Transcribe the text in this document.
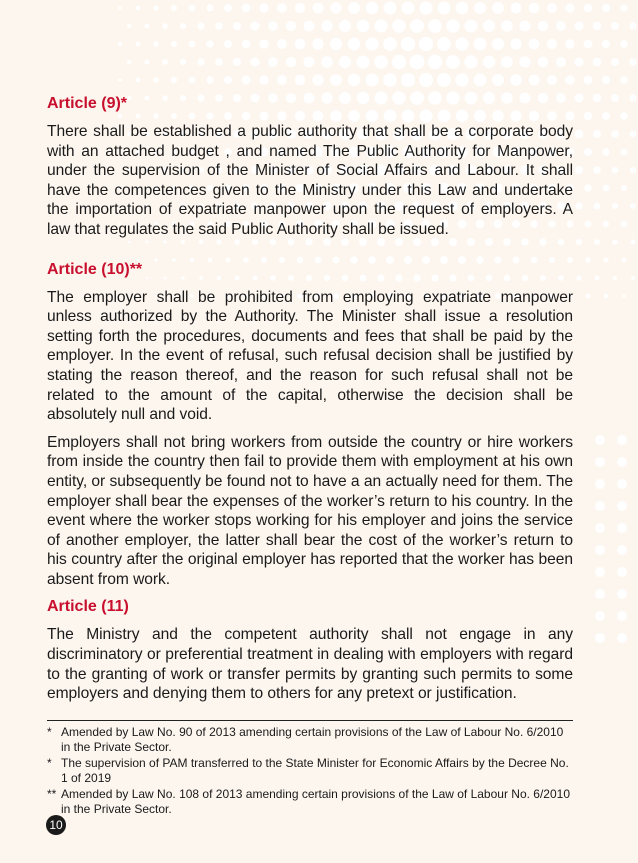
Article (9)*

There shall be established a public authority that shall be a corporate body with an attached budget , and named The Public Authority for Manpower, under the supervision of the Minister of Social Affairs and Labour. It shall have the competences given to the Ministry under this Law and undertake the importation of expatriate manpower upon the request of employers. A law that regulates the said Public Authority shall be issued.

Article (10)**

The employer shall be prohibited from employing expatriate manpower unless authorized by the Authority. The Minister shall issue a resolution setting forth the procedures, documents and fees that shall be paid by the employer. In the event of refusal, such refusal decision shall be justified by stating the reason thereof, and the reason for such refusal shall not be related to the amount of the capital, otherwise the decision shall be absolutely null and void.

Employers shall not bring workers from outside the country or hire workers from inside the country then fail to provide them with employment at his own entity, or subsequently be found not to have a an actually need for them. The employer shall bear the expenses of the worker’s return to his country. In the event where the worker stops working for his employer and joins the service of another employer, the latter shall bear the cost of the worker’s return to his country after the original employer has reported that the worker has been absent from work.

Article (11)

The Ministry and the competent authority shall not engage in any discriminatory or preferential treatment in dealing with employers with regard to the granting of work or transfer permits by granting such permits to some employers and denying them to others for any pretext or justification.

* Amended by Law No. 90 of 2013 amending certain provisions of the Law of Labour No. 6/2010 in the Private Sector.
* The supervision of PAM transferred to the State Minister for Economic Affairs by the Decree No. 1 of 2019
** Amended by Law No. 108 of 2013 amending certain provisions of the Law of Labour No. 6/2010 in the Private Sector.
10
